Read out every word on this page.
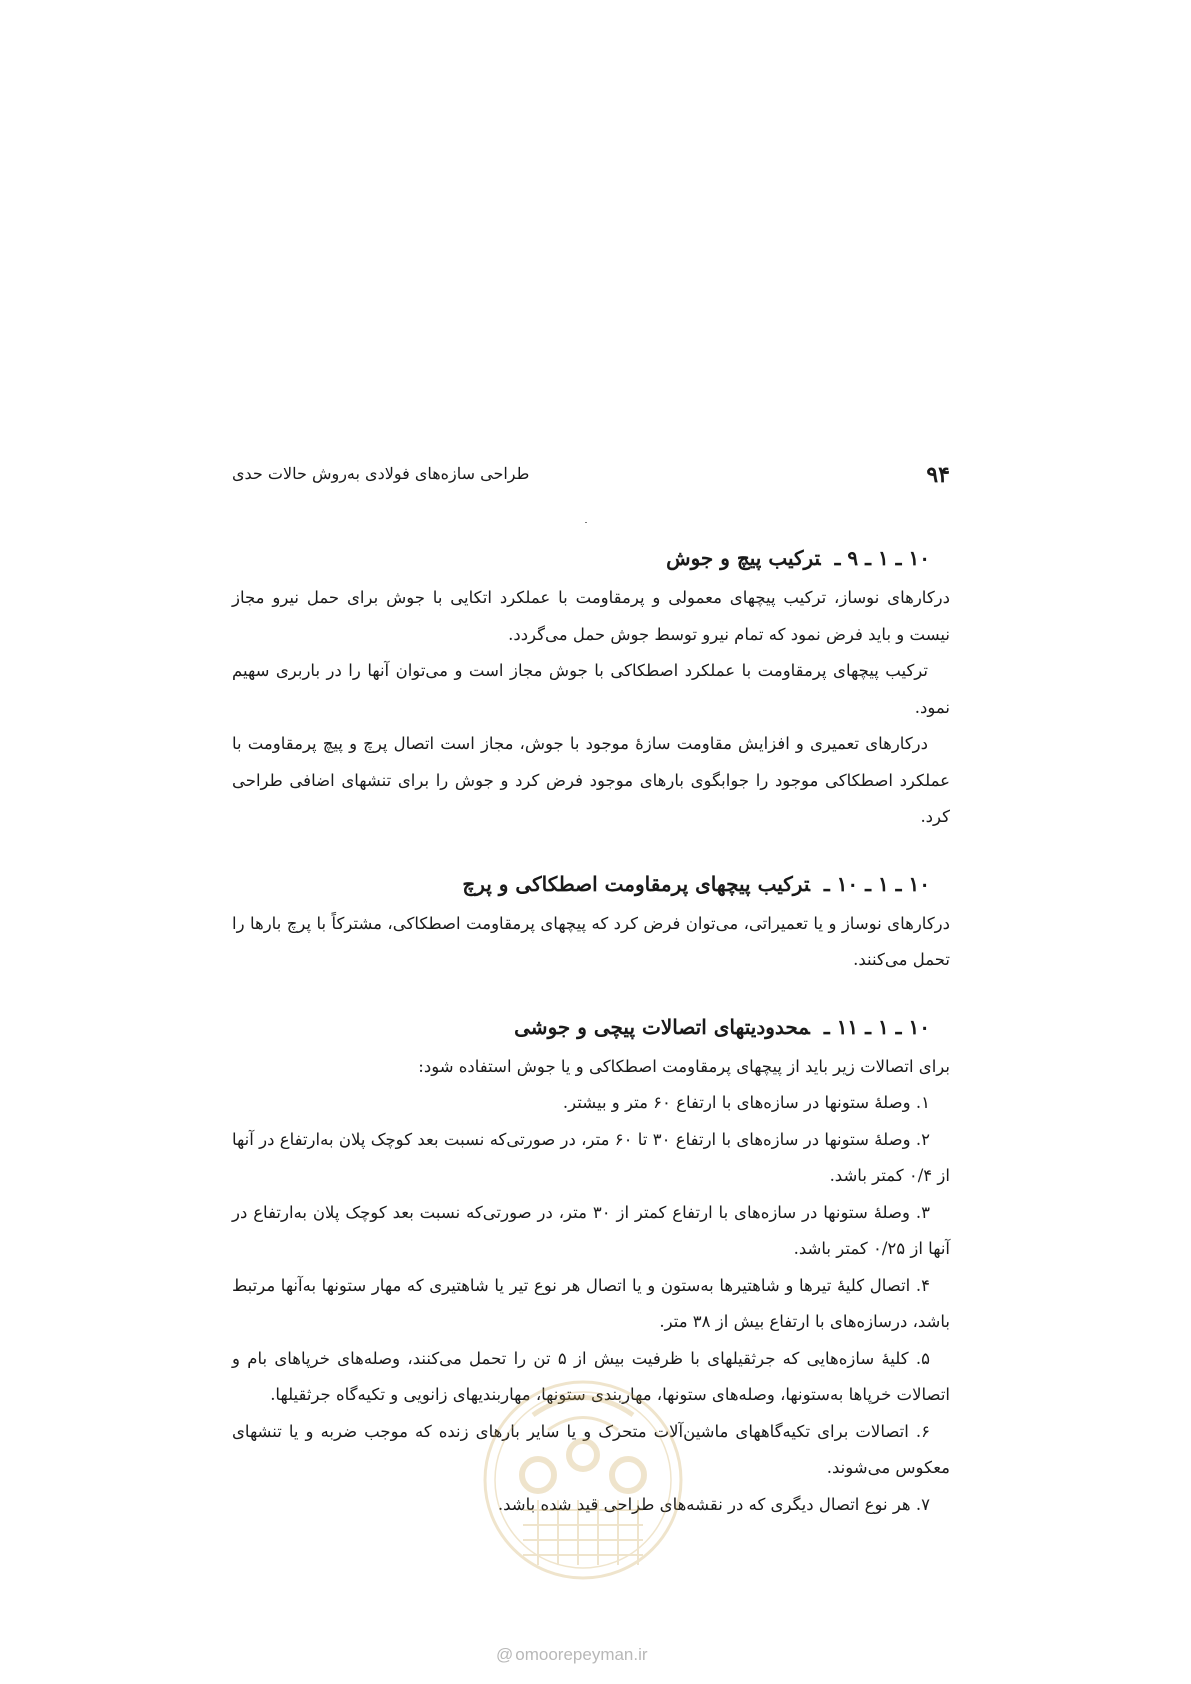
۹۴
طراحی سازه‌های فولادی به‌روش حالات حدی
۱۰ ـ ۱ ـ ۹ ـترکیب پیچ و جوش

درکارهای نوساز، ترکیب پیچهای معمولی و پرمقاومت با عملکرد اتکایی با جوش برای حمل نیرو مجاز نیست و باید فرض نمود که تمام نیرو توسط جوش حمل می‌گردد.

ترکیب پیچهای پرمقاومت با عملکرد اصطکاکی با جوش مجاز است و می‌توان آنها را در باربری سهیم نمود.

درکارهای تعمیری و افزایش مقاومت سازهٔ موجود با جوش، مجاز است اتصال پرچ و پیچ پرمقاومت با عملکرد اصطکاکی موجود را جوابگوی بارهای موجود فرض کرد و جوش را برای تنشهای اضافی طراحی کرد.

۱۰ ـ ۱ ـ ۱۰ ـترکیب پیچهای پرمقاومت اصطکاکی و پرچ

درکارهای نوساز و یا تعمیراتی، می‌توان فرض کرد که پیچهای پرمقاومت اصطکاکی، مشترکاً با پرچ بارها را تحمل می‌کنند.

۱۰ ـ ۱ ـ ۱۱ ـمحدودیتهای اتصالات پیچی و جوشی

برای اتصالات زیر باید از پیچهای پرمقاومت اصطکاکی و یا جوش استفاده شود:

۱. وصلهٔ ستونها در سازه‌های با ارتفاع ۶۰ متر و بیشتر.

۲. وصلهٔ ستونها در سازه‌های با ارتفاع ۳۰ تا ۶۰ متر، در صورتی‌که نسبت بعد کوچک پلان به‌ارتفاع در آنها از ۰/۴ کمتر باشد.

۳. وصلهٔ ستونها در سازه‌های با ارتفاع کمتر از ۳۰ متر، در صورتی‌که نسبت بعد کوچک پلان به‌ارتفاع در آنها از ۰/۲۵ کمتر باشد.

۴. اتصال کلیهٔ تیرها و شاهتیرها به‌ستون و یا اتصال هر نوع تیر یا شاهتیری که مهار ستونها به‌آنها مرتبط باشد، درسازه‌های با ارتفاع بیش از ۳۸ متر.

۵. کلیهٔ سازه‌هایی که جرثقیلهای با ظرفیت بیش از ۵ تن را تحمل می‌کنند، وصله‌های خرپاهای بام و اتصالات خرپاها به‌ستونها، وصله‌های ستونها، مهاربندی ستونها، مهاربندیهای زانویی و تکیه‌گاه جرثقیلها.

۶. اتصالات برای تکیه‌گاههای ماشین‌آلات متحرک و یا سایر بارهای زنده که موجب ضربه و یا تنشهای معکوس می‌شوند.

۷. هر نوع اتصال دیگری که در نقشه‌های طراحی قید شده باشد.

@ omoorepeyman.ir
